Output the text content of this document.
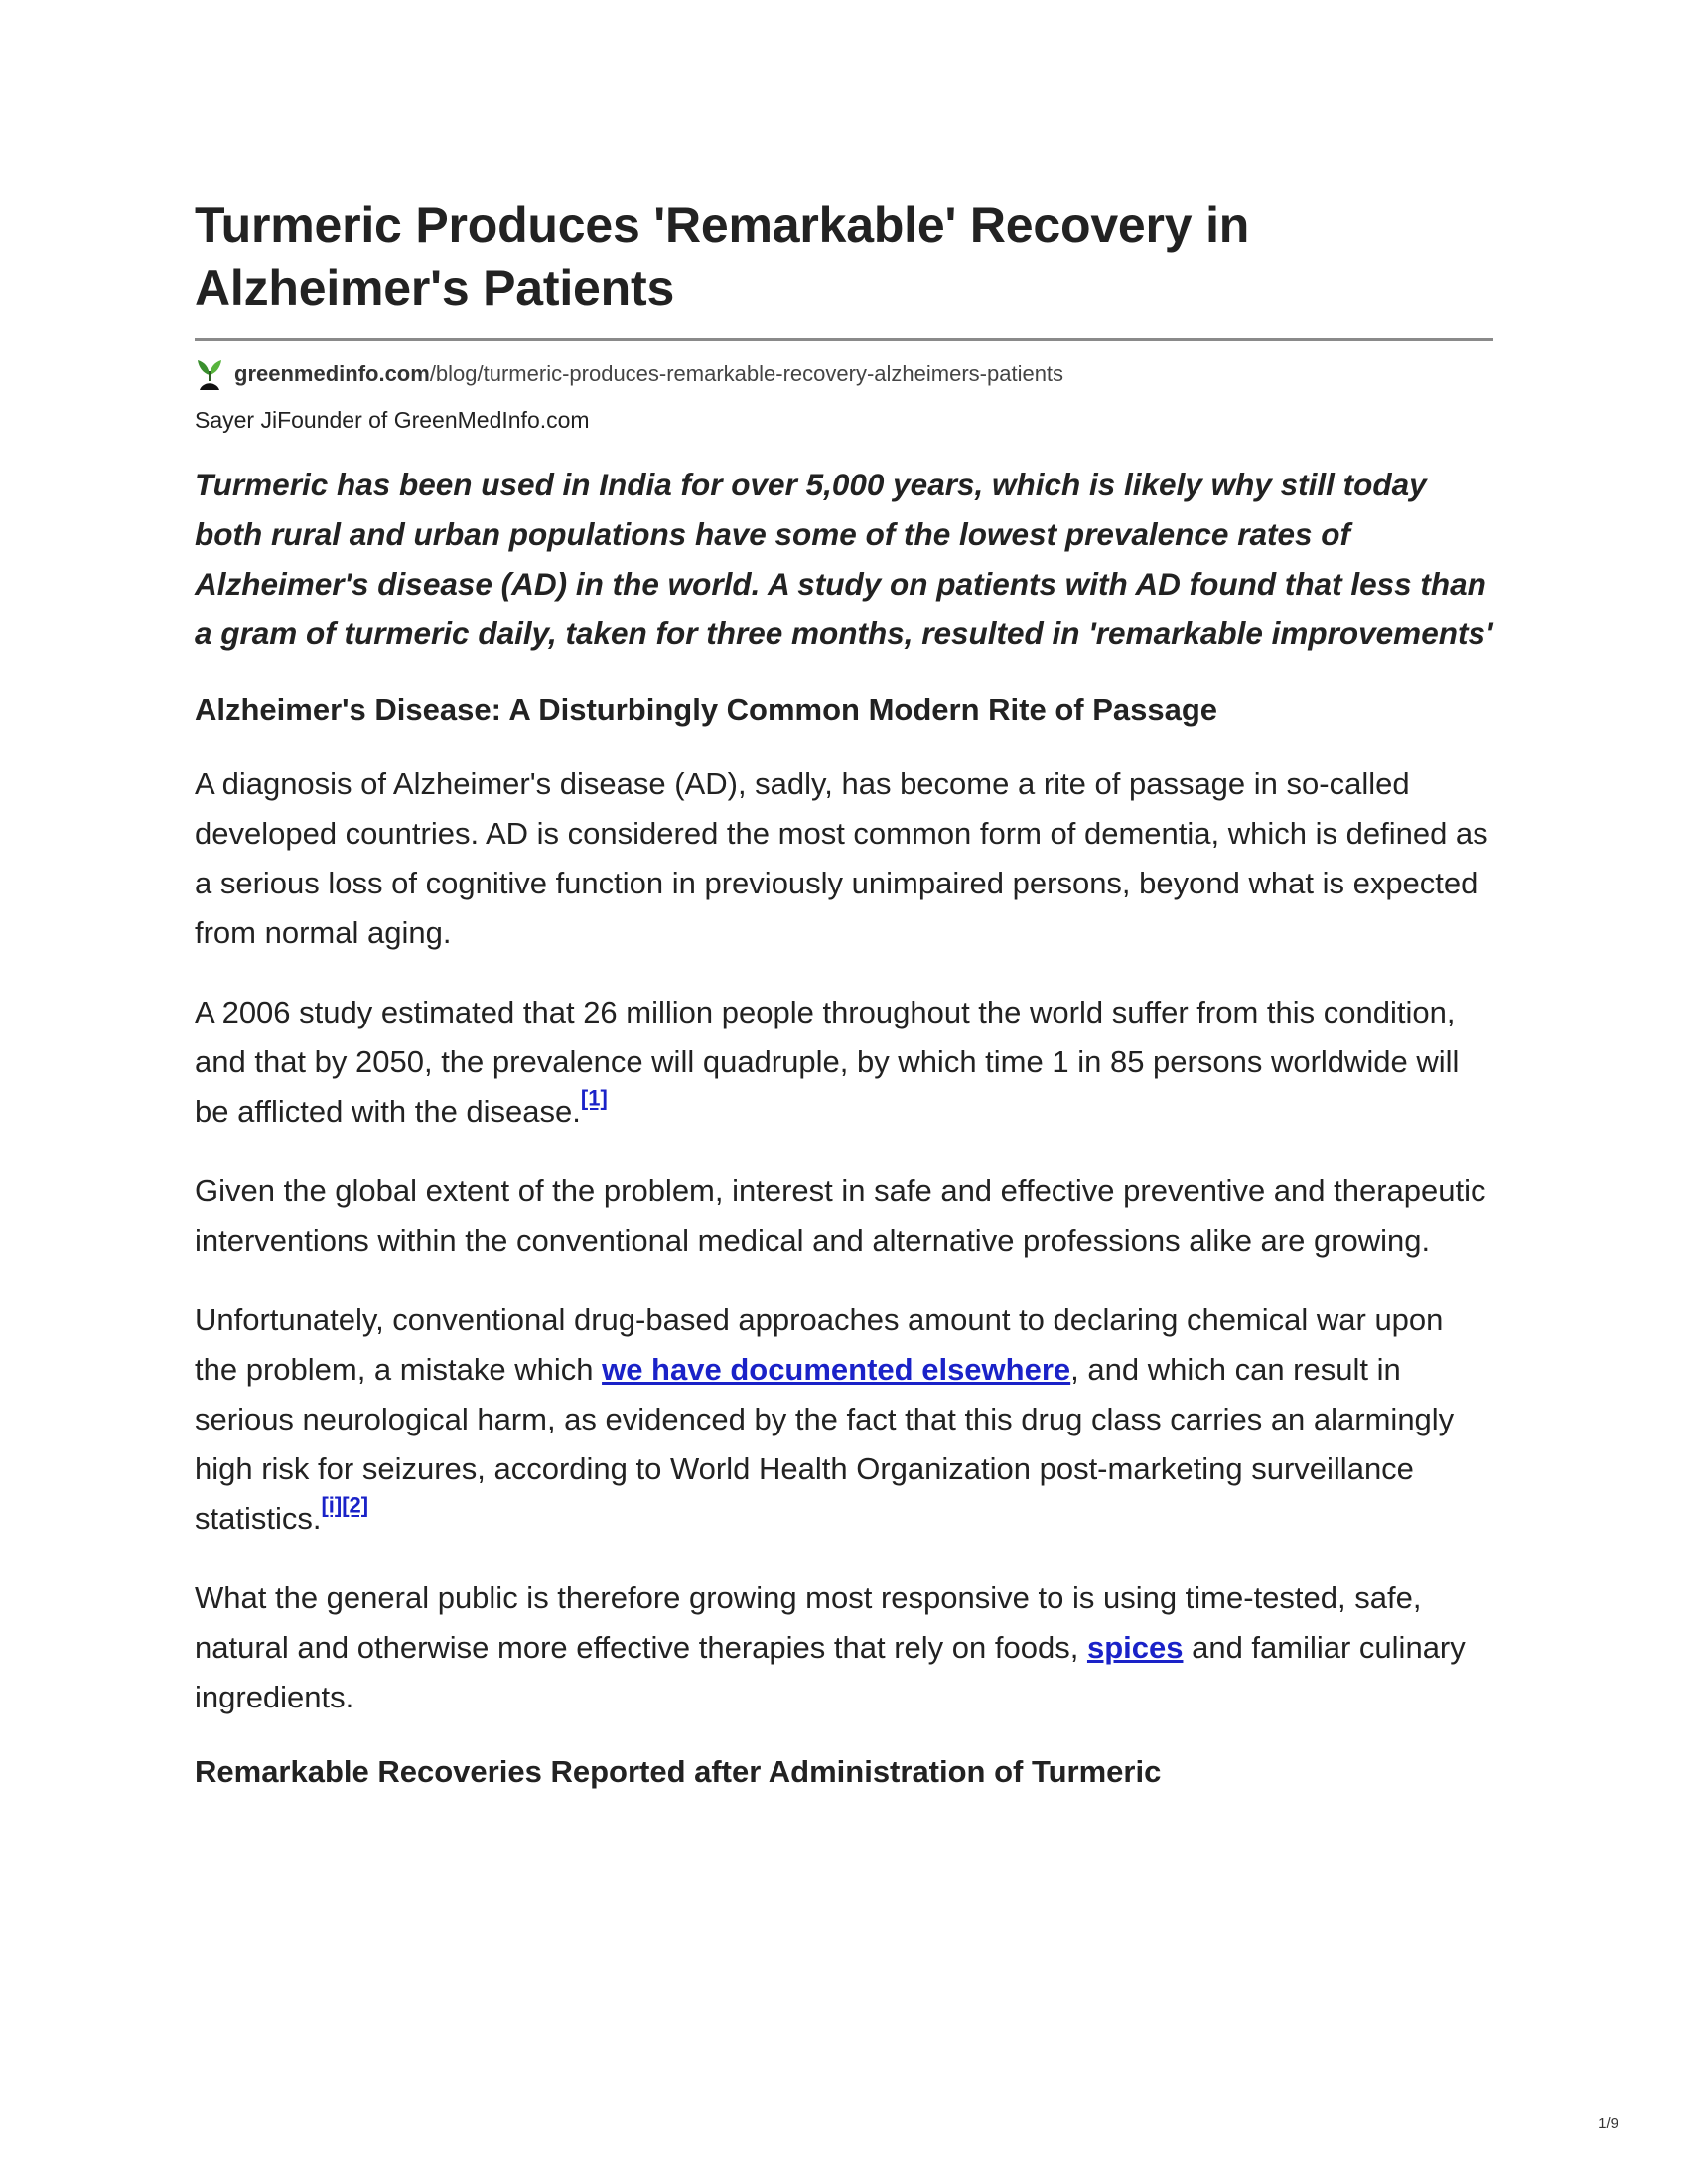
Turmeric Produces 'Remarkable' Recovery in Alzheimer's Patients
greenmedinfo.com /blog/turmeric-produces-remarkable-recovery-alzheimers-patients
Sayer JiFounder of GreenMedInfo.com
Turmeric has been used in India for over 5,000 years, which is likely why still today both rural and urban populations have some of the lowest prevalence rates of Alzheimer's disease (AD) in the world. A study on patients with AD found that less than a gram of turmeric daily, taken for three months, resulted in 'remarkable improvements'
Alzheimer's Disease: A Disturbingly Common Modern Rite of Passage

A diagnosis of Alzheimer's disease (AD), sadly, has become a rite of passage in so-called developed countries. AD is considered the most common form of dementia, which is defined as a serious loss of cognitive function in previously unimpaired persons, beyond what is expected from normal aging.

A 2006 study estimated that 26 million people throughout the world suffer from this condition, and that by 2050, the prevalence will quadruple, by which time 1 in 85 persons worldwide will be afflicted with the disease.[1]

Given the global extent of the problem, interest in safe and effective preventive and therapeutic interventions within the conventional medical and alternative professions alike are growing.

Unfortunately, conventional drug-based approaches amount to declaring chemical war upon the problem, a mistake which we have documented elsewhere, and which can result in serious neurological harm, as evidenced by the fact that this drug class carries an alarmingly high risk for seizures, according to World Health Organization post-marketing surveillance statistics.[i][2]

What the general public is therefore growing most responsive to is using time-tested, safe, natural and otherwise more effective therapies that rely on foods, spices and familiar culinary ingredients.

Remarkable Recoveries Reported after Administration of Turmeric
1/9
